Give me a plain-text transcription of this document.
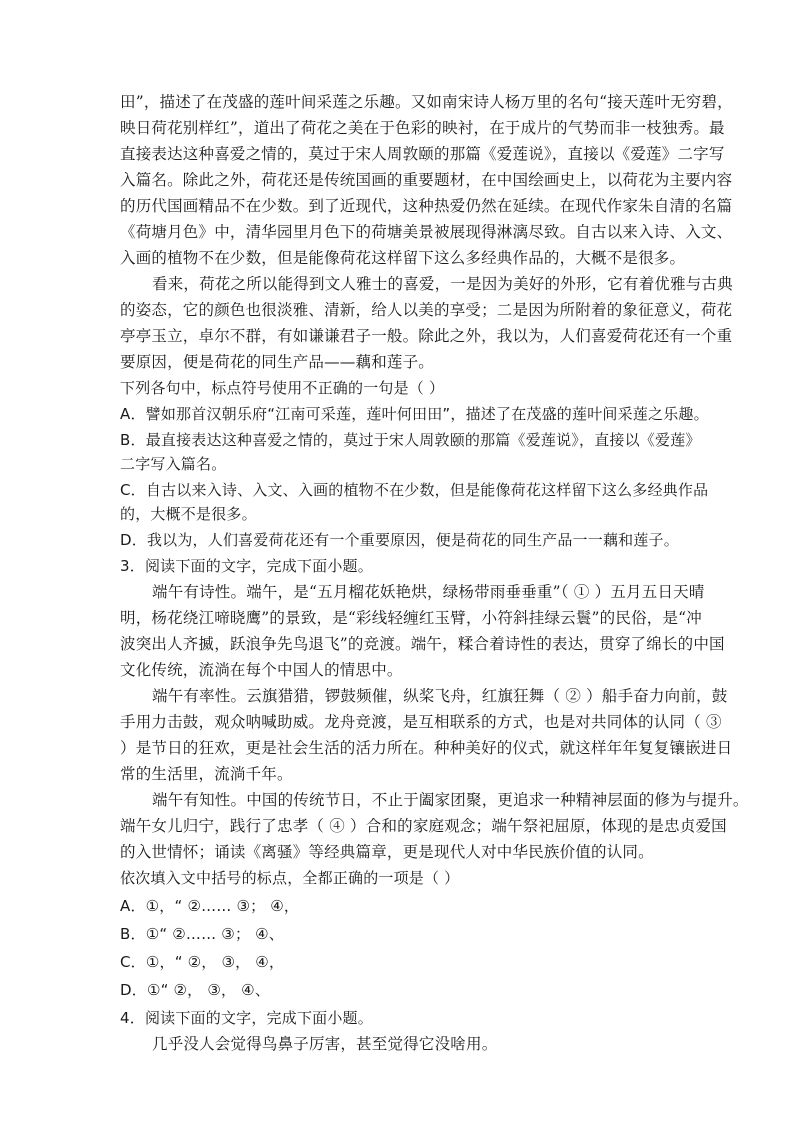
田”，描述了在茂盛的莲叶间采莲之乐趣。又如南宋诗人杨万里的名句“接天莲叶无穷碧，
映日荷花别样红”，道出了荷花之美在于色彩的映衬，在于成片的气势而非一枝独秀。最
直接表达这种喜爱之情的，莫过于宋人周敦颐的那篇《爱莲说》，直接以《爱莲》二字写
入篇名。除此之外，荷花还是传统国画的重要题材，在中国绘画史上，以荷花为主要内容
的历代国画精品不在少数。到了近现代，这种热爱仍然在延续。在现代作家朱自清的名篇
《荷塘月色》中，清华园里月色下的荷塘美景被展现得淋漓尽致。自古以来入诗、入文、
入画的植物不在少数，但是能像荷花这样留下这么多经典作品的，大概不是很多。
看来，荷花之所以能得到文人雅士的喜爱，一是因为美好的外形，它有着优雅与古典
的姿态，它的颜色也很淡雅、清新，给人以美的享受；二是因为所附着的象征意义，荷花
亭亭玉立，卓尔不群，有如谦谦君子一般。除此之外，我以为，人们喜爱荷花还有一个重
要原因，便是荷花的同生产品——藕和莲子。
下列各句中，标点符号使用不正确的一句是（ ）
A．譬如那首汉朝乐府“江南可采莲，莲叶何田田”，描述了在茂盛的莲叶间采莲之乐趣。
B．最直接表达这种喜爱之情的，莫过于宋人周敦颐的那篇《爱莲说》，直接以《爱莲》
二字写入篇名。
C．自古以来入诗、入文、入画的植物不在少数，但是能像荷花这样留下这么多经典作品
的，大概不是很多。
D．我以为，人们喜爱荷花还有一个重要原因，便是荷花的同生产品一一藕和莲子。
3．阅读下面的文字，完成下面小题。
端午有诗性。端午，是“五月榴花妖艳烘，绿杨带雨垂垂重”（ ① ）五月五日天晴
明，杨花绕江啼晓鹰”的景致，是“彩线轻缠红玉臂，小符斜挂绿云鬟”的民俗，是“冲
波突出人齐揻，跃浪争先鸟退飞”的竞渡。端午，糅合着诗性的表达，贯穿了绵长的中国
文化传统，流淌在每个中国人的情思中。
端午有率性。云旗猎猎，锣鼓频催，纵桨飞舟，红旗狂舞（ ② ）船手奋力向前，鼓
手用力击鼓，观众呐喊助威。龙舟竞渡，是互相联系的方式，也是对共同体的认同（ ③
）是节日的狂欢，更是社会生活的活力所在。种种美好的仪式，就这样年年复复镶嵌进日
常的生活里，流淌千年。
端午有知性。中国的传统节日，不止于阖家团聚，更追求一种精神层面的修为与提升。
端午女儿归宁，践行了忠孝（ ④ ）合和的家庭观念；端午祭祀屈原，体现的是忠贞爱国
的入世情怀；诵读《离骚》等经典篇章，更是现代人对中华民族价值的认同。
依次填入文中括号的标点，全都正确的一项是（ ）
A．①，“ ②…… ③； ④，
B．①“ ②…… ③； ④、
C．①，“ ②， ③， ④，
D．①“ ②， ③， ④、
4．阅读下面的文字，完成下面小题。
几乎没人会觉得鸟鼻子厉害，甚至觉得它没啥用。
